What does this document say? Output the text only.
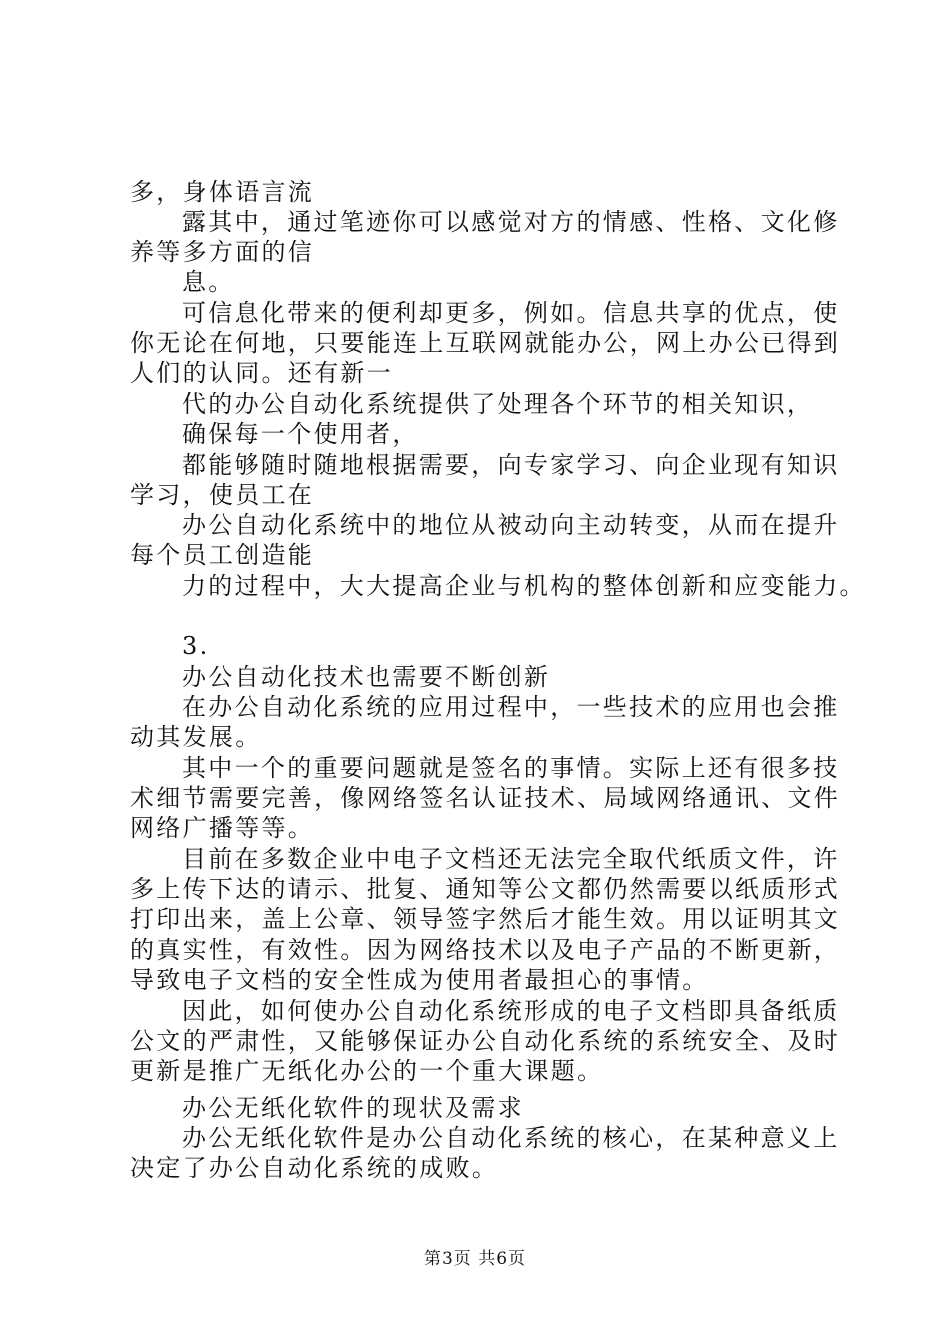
多，身体语言流
露其中，通过笔迹你可以感觉对方的情感、性格、文化修
养等多方面的信
息。
可信息化带来的便利却更多，例如。信息共享的优点，使
你无论在何地，只要能连上互联网就能办公，网上办公已得到
人们的认同。还有新一
代的办公自动化系统提供了处理各个环节的相关知识，
确保每一个使用者，
都能够随时随地根据需要，向专家学习、向企业现有知识
学习，使员工在
办公自动化系统中的地位从被动向主动转变，从而在提升
每个员工创造能
力的过程中，大大提高企业与机构的整体创新和应变能力。
3.
办公自动化技术也需要不断创新
在办公自动化系统的应用过程中，一些技术的应用也会推
动其发展。
其中一个的重要问题就是签名的事情。实际上还有很多技
术细节需要完善，像网络签名认证技术、局域网络通讯、文件
网络广播等等。
目前在多数企业中电子文档还无法完全取代纸质文件，许
多上传下达的请示、批复、通知等公文都仍然需要以纸质形式
打印出来，盖上公章、领导签字然后才能生效。用以证明其文
的真实性，有效性。因为网络技术以及电子产品的不断更新，
导致电子文档的安全性成为使用者最担心的事情。
因此，如何使办公自动化系统形成的电子文档即具备纸质
公文的严肃性，又能够保证办公自动化系统的系统安全、及时
更新是推广无纸化办公的一个重大课题。
办公无纸化软件的现状及需求
办公无纸化软件是办公自动化系统的核心，在某种意义上
决定了办公自动化系统的成败。
第3页 共6页
